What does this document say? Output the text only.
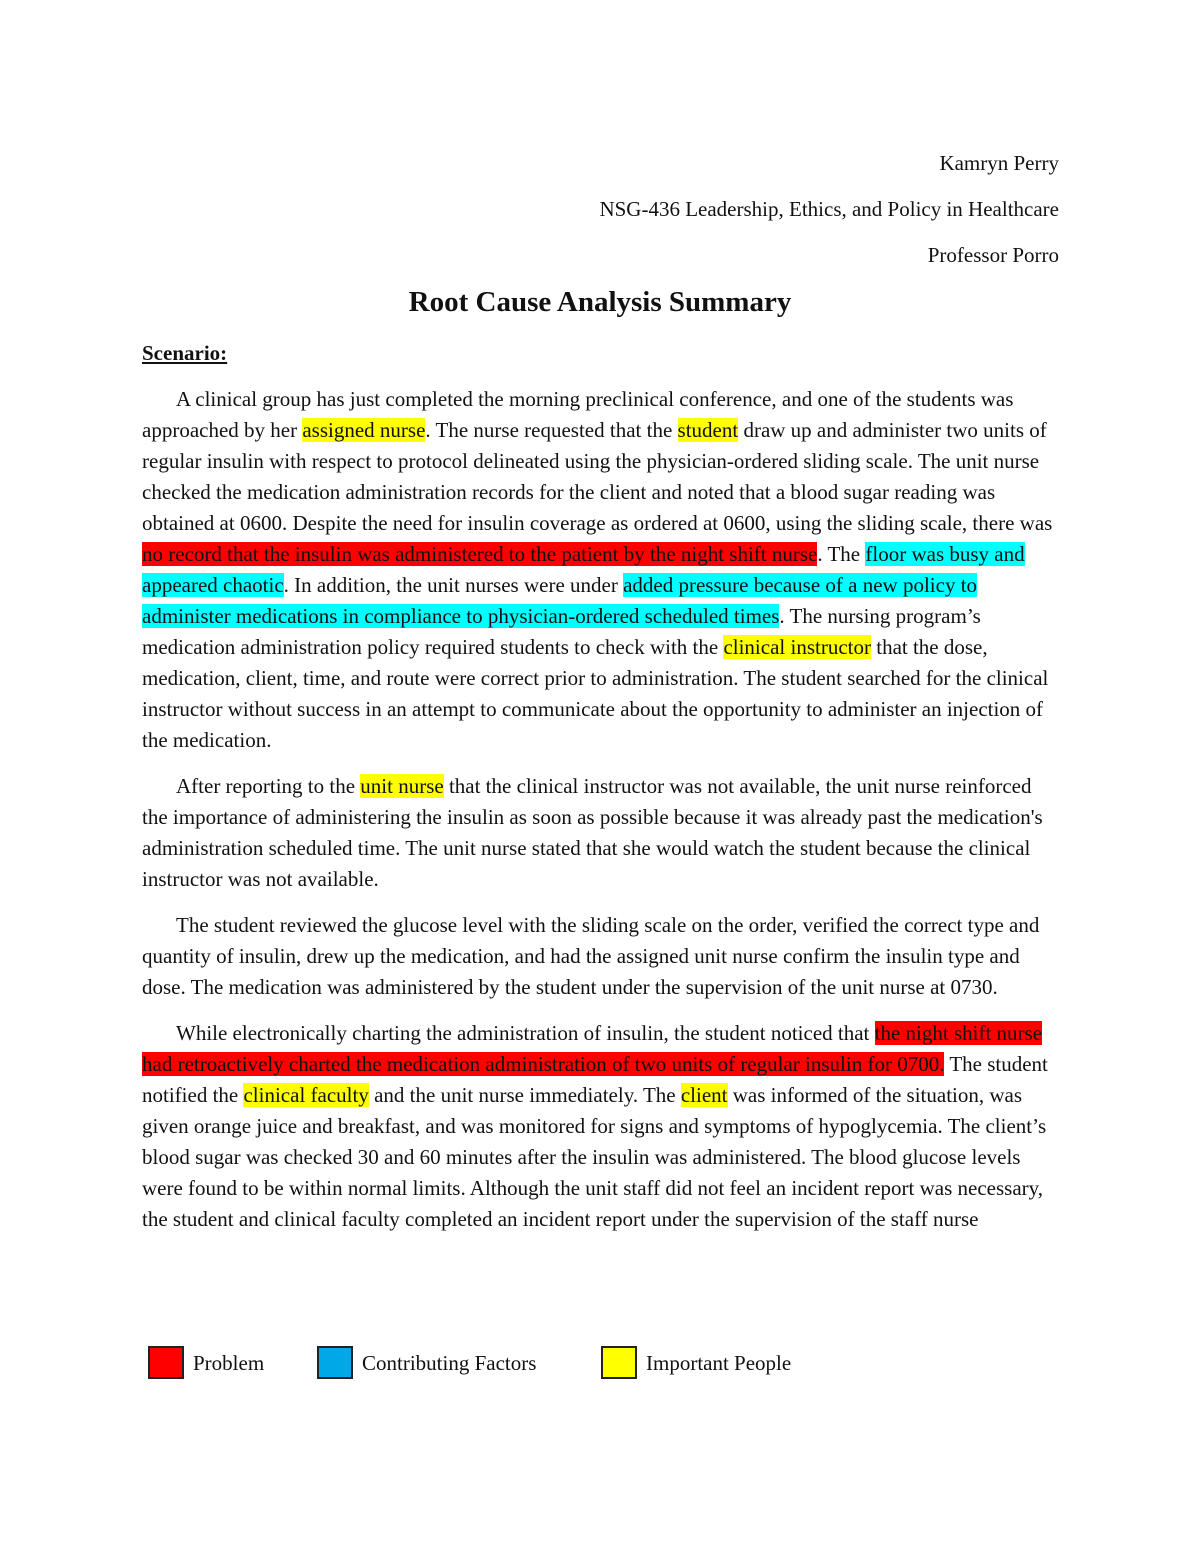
Kamryn Perry
NSG-436 Leadership, Ethics, and Policy in Healthcare
Professor Porro
Root Cause Analysis Summary
Scenario:

A clinical group has just completed the morning preclinical conference, and one of the students was approached by her assigned nurse. The nurse requested that the student draw up and administer two units of regular insulin with respect to protocol delineated using the physician-ordered sliding scale. The unit nurse checked the medication administration records for the client and noted that a blood sugar reading was obtained at 0600. Despite the need for insulin coverage as ordered at 0600, using the sliding scale, there was no record that the insulin was administered to the patient by the night shift nurse. The floor was busy and appeared chaotic. In addition, the unit nurses were under added pressure because of a new policy to administer medications in compliance to physician-ordered scheduled times. The nursing program’s medication administration policy required students to check with the clinical instructor that the dose, medication, client, time, and route were correct prior to administration. The student searched for the clinical instructor without success in an attempt to communicate about the opportunity to administer an injection of the medication.

After reporting to the unit nurse that the clinical instructor was not available, the unit nurse reinforced the importance of administering the insulin as soon as possible because it was already past the medication's administration scheduled time. The unit nurse stated that she would watch the student because the clinical instructor was not available.

The student reviewed the glucose level with the sliding scale on the order, verified the correct type and quantity of insulin, drew up the medication, and had the assigned unit nurse confirm the insulin type and dose. The medication was administered by the student under the supervision of the unit nurse at 0730.

While electronically charting the administration of insulin, the student noticed that the night shift nurse had retroactively charted the medication administration of two units of regular insulin for 0700. The student notified the clinical faculty and the unit nurse immediately. The client was informed of the situation, was given orange juice and breakfast, and was monitored for signs and symptoms of hypoglycemia. The client’s blood sugar was checked 30 and 60 minutes after the insulin was administered. The blood glucose levels were found to be within normal limits. Although the unit staff did not feel an incident report was necessary, the student and clinical faculty completed an incident report under the supervision of the staff nurse

Problem	Contributing Factors	Important People
